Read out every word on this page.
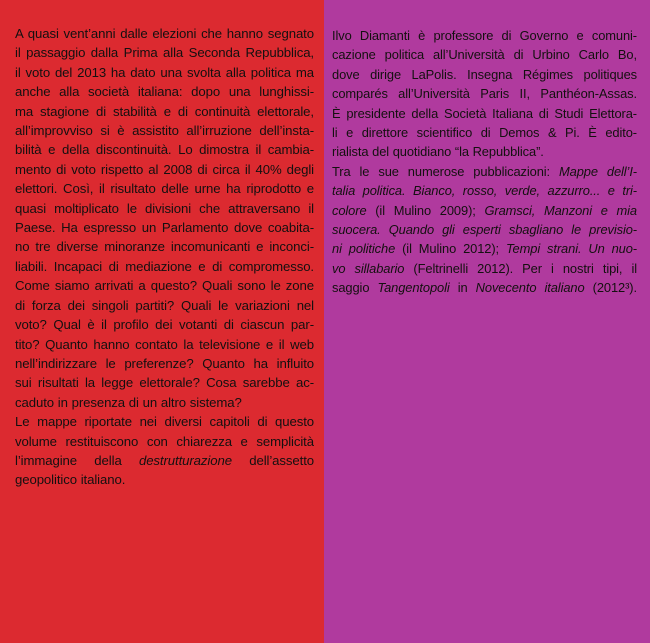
A quasi vent’anni dalle elezioni che hanno segnato
il passaggio dalla Prima alla Seconda Repubblica,
il voto del 2013 ha dato una svolta alla politica ma
anche alla società italiana: dopo una lunghissi-
ma stagione di stabilità e di continuità elettorale,
all’improvviso si è assistito all’irruzione dell’insta-
bilità e della discontinuità. Lo dimostra il cambia-
mento di voto rispetto al 2008 di circa il 40% degli
elettori. Così, il risultato delle urne ha riprodotto e
quasi moltiplicato le divisioni che attraversano il
Paese. Ha espresso un Parlamento dove coabita-
no tre diverse minoranze incomunicanti e inconci-
liabili. Incapaci di mediazione e di compromesso.
Come siamo arrivati a questo? Quali sono le zone
di forza dei singoli partiti? Quali le variazioni nel
voto? Qual è il profilo dei votanti di ciascun par-
tito? Quanto hanno contato la televisione e il web
nell’indirizzare le preferenze? Quanto ha influito
sui risultati la legge elettorale? Cosa sarebbe ac-
caduto in presenza di un altro sistema?
Le mappe riportate nei diversi capitoli di questo
volume restituiscono con chiarezza e semplicità
l’immagine della destrutturazione dell’assetto
geopolitico italiano.
Ilvo Diamanti è professore di Governo e comuni-
cazione politica all’Università di Urbino Carlo Bo,
dove dirige LaPolis. Insegna Régimes politiques
comparés all’Università Paris II, Panthéon-Assas.
È presidente della Società Italiana di Studi Elettora-
li e direttore scientifico di Demos & Pi. È edito-
rialista del quotidiano “la Repubblica”.
Tra le sue numerose pubblicazioni: Mappe dell’I-
talia politica. Bianco, rosso, verde, azzurro... e tri-
colore (il Mulino 2009); Gramsci, Manzoni e mia
suocera. Quando gli esperti sbagliano le previsio-
ni politiche (il Mulino 2012); Tempi strani. Un nuo-
vo sillabario (Feltrinelli 2012). Per i nostri tipi, il
saggio Tangentopoli in Novecento italiano (2012³).
